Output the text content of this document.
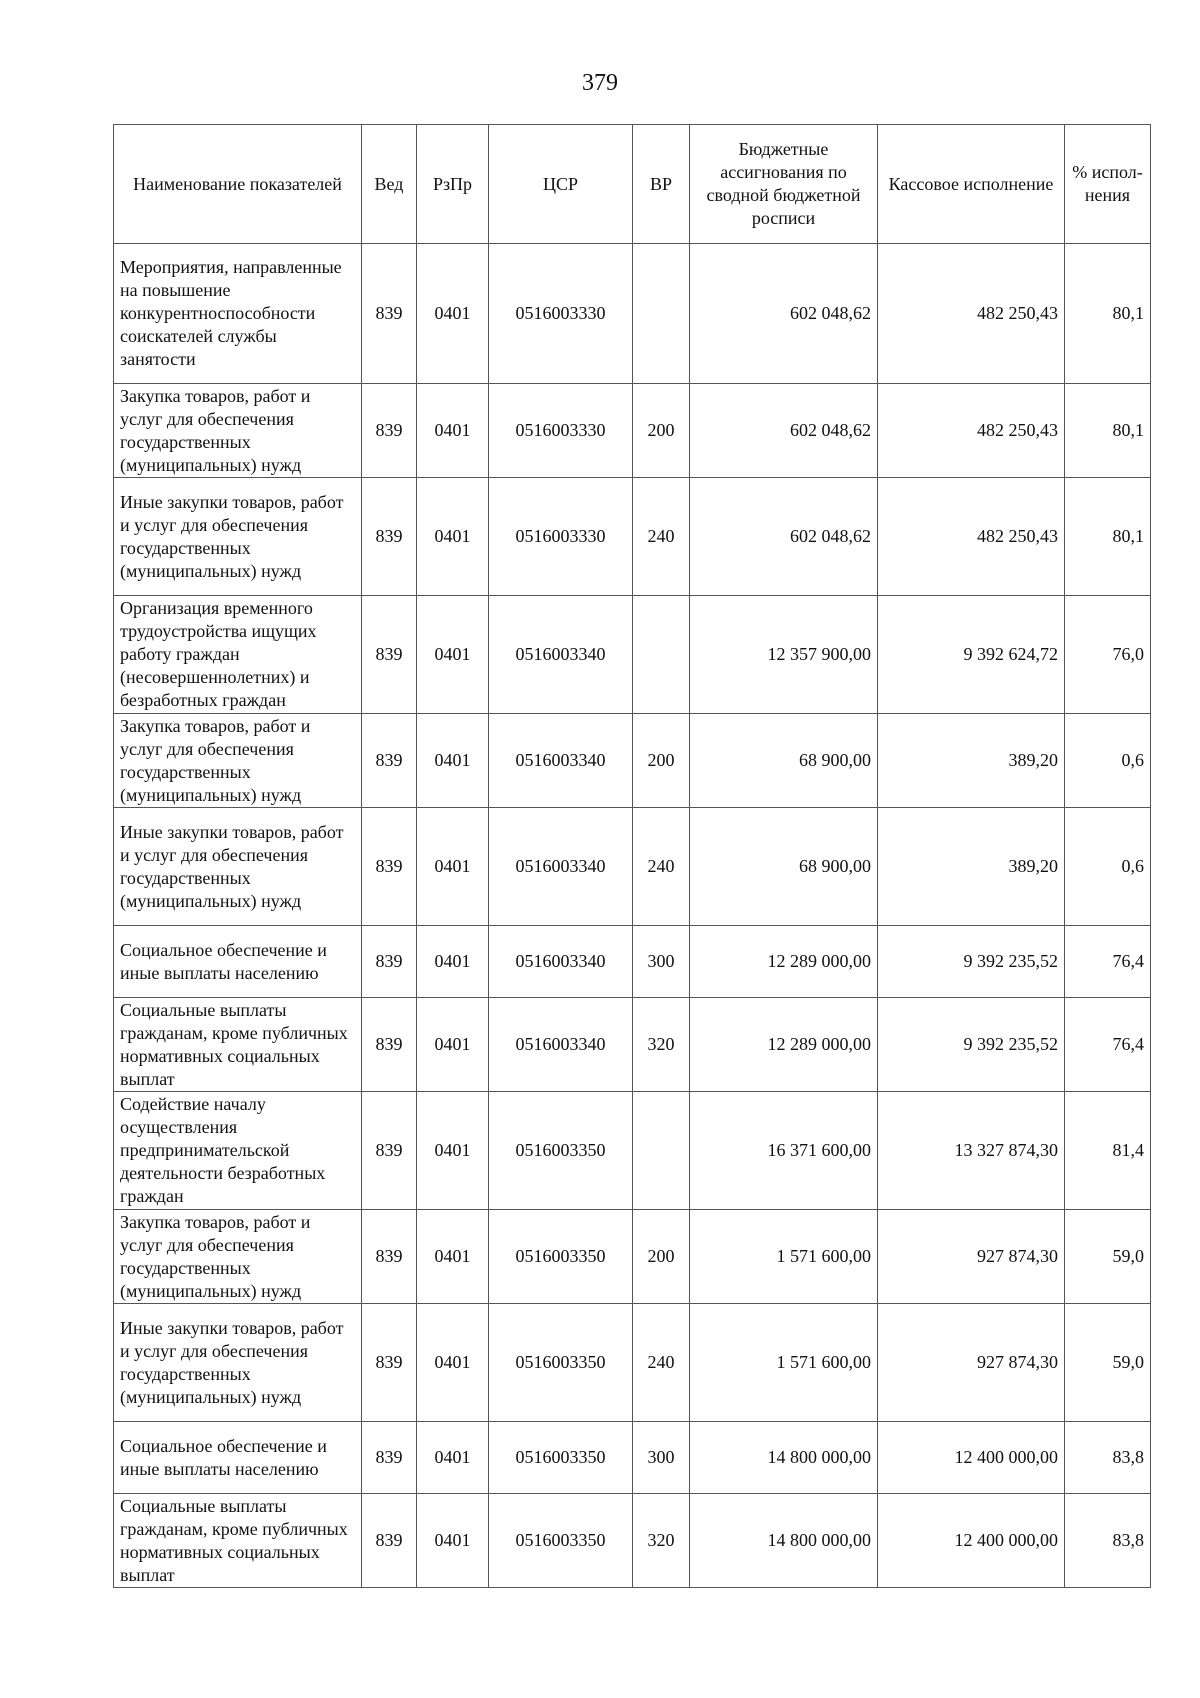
379
Наименование показателей	Вед	РзПр	ЦСР	ВР	Бюджетные ассигнования по сводной бюджетной росписи	Кассовое исполнение	% испол-нения
Мероприятия, направленные на повышение конкурентноспособности соискателей службы занятости	839	0401	0516003330		602 048,62	482 250,43	80,1
Закупка товаров, работ и услуг для обеспечения государственных (муниципальных) нужд	839	0401	0516003330	200	602 048,62	482 250,43	80,1
Иные закупки товаров, работ и услуг для обеспечения государственных (муниципальных) нужд	839	0401	0516003330	240	602 048,62	482 250,43	80,1
Организация временного трудоустройства ищущих работу граждан (несовершеннолетних) и безработных граждан	839	0401	0516003340		12 357 900,00	9 392 624,72	76,0
Закупка товаров, работ и услуг для обеспечения государственных (муниципальных) нужд	839	0401	0516003340	200	68 900,00	389,20	0,6
Иные закупки товаров, работ и услуг для обеспечения государственных (муниципальных) нужд	839	0401	0516003340	240	68 900,00	389,20	0,6
Социальное обеспечение и иные выплаты населению	839	0401	0516003340	300	12 289 000,00	9 392 235,52	76,4
Социальные выплаты гражданам, кроме публичных нормативных социальных выплат	839	0401	0516003340	320	12 289 000,00	9 392 235,52	76,4
Содействие началу осуществления предпринимательской деятельности безработных граждан	839	0401	0516003350		16 371 600,00	13 327 874,30	81,4
Закупка товаров, работ и услуг для обеспечения государственных (муниципальных) нужд	839	0401	0516003350	200	1 571 600,00	927 874,30	59,0
Иные закупки товаров, работ и услуг для обеспечения государственных (муниципальных) нужд	839	0401	0516003350	240	1 571 600,00	927 874,30	59,0
Социальное обеспечение и иные выплаты населению	839	0401	0516003350	300	14 800 000,00	12 400 000,00	83,8
Социальные выплаты гражданам, кроме публичных нормативных социальных выплат	839	0401	0516003350	320	14 800 000,00	12 400 000,00	83,8
